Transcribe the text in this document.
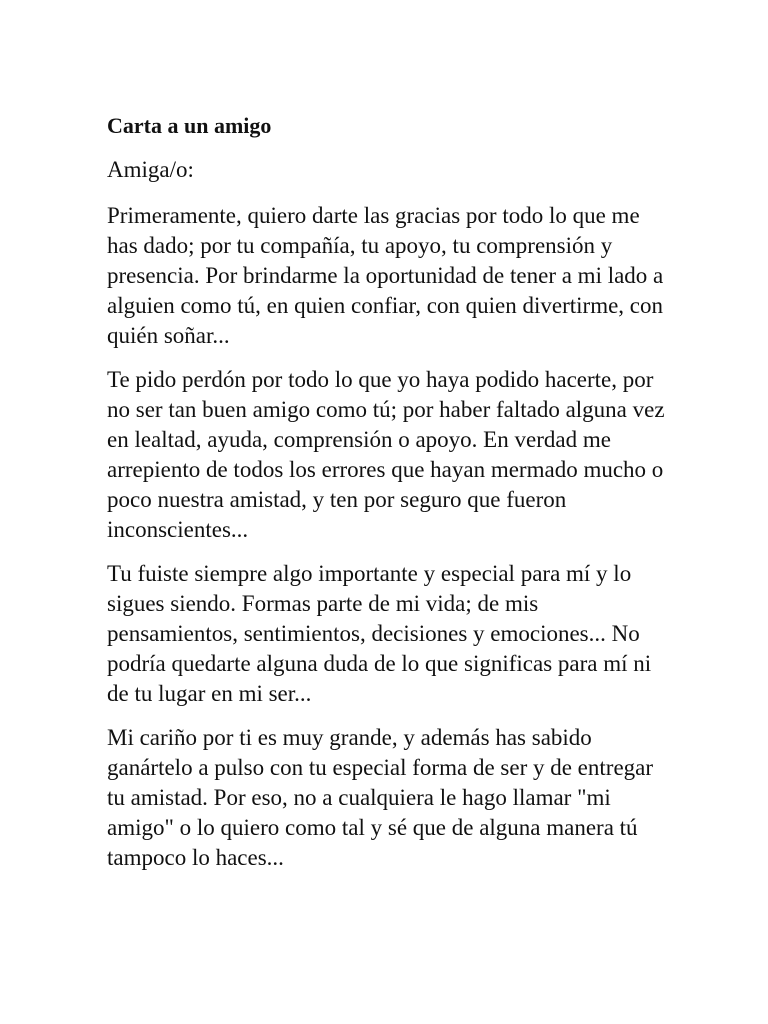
Carta a un amigo

Amiga/o:

Primeramente, quiero darte las gracias por todo lo que me has dado; por tu compañía, tu apoyo, tu comprensión y presencia. Por brindarme la oportunidad de tener a mi lado a alguien como tú, en quien confiar, con quien divertirme, con quién soñar...

Te pido perdón por todo lo que yo haya podido hacerte, por no ser tan buen amigo como tú; por haber faltado alguna vez en lealtad, ayuda, comprensión o apoyo. En verdad me arrepiento de todos los errores que hayan mermado mucho o poco nuestra amistad, y ten por seguro que fueron inconscientes...

Tu fuiste siempre algo importante y especial para mí y lo sigues siendo. Formas parte de mi vida; de mis pensamientos, sentimientos, decisiones y emociones... No podría quedarte alguna duda de lo que significas para mí ni de tu lugar en mi ser...

Mi cariño por ti es muy grande, y además has sabido ganártelo a pulso con tu especial forma de ser y de entregar tu amistad. Por eso, no a cualquiera le hago llamar "mi amigo" o lo quiero como tal y sé que de alguna manera tú tampoco lo haces...
